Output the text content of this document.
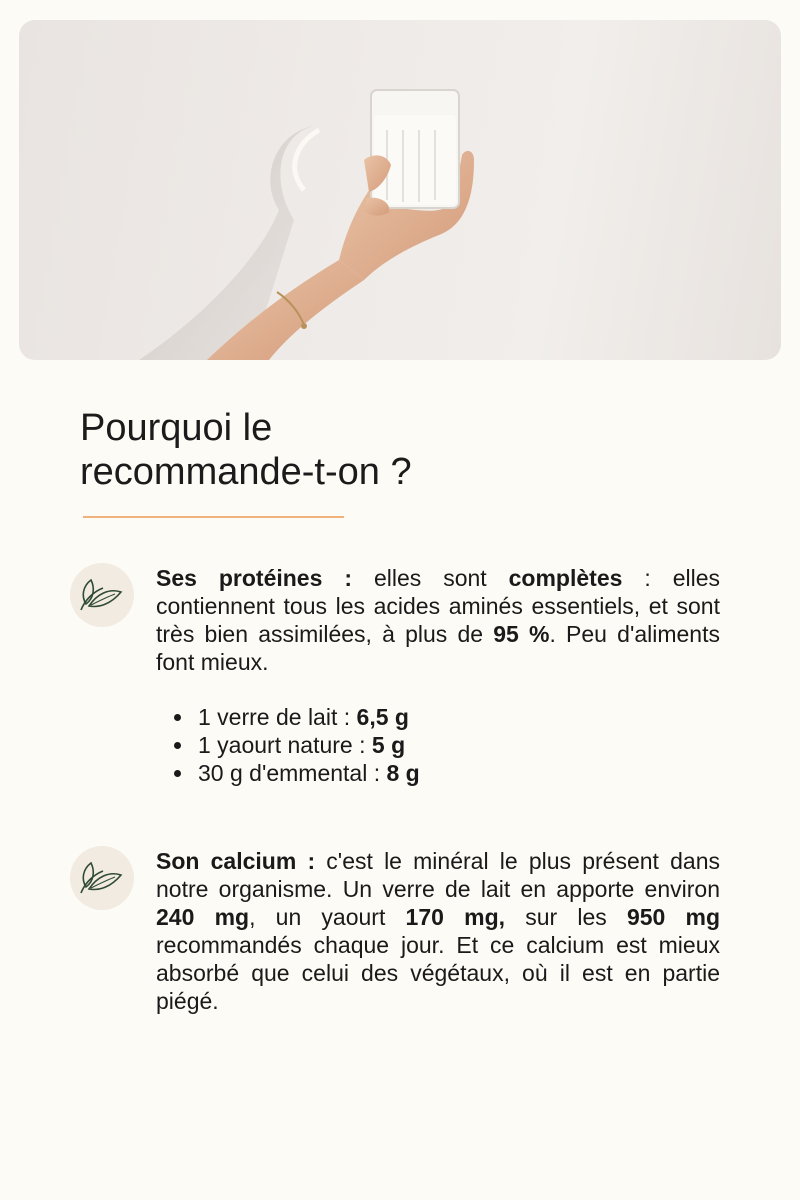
Pourquoi le
recommande-t-on ?

Ses protéines : elles sont complètes : elles contiennent tous les acides aminés essentiels, et sont très bien assimilées, à plus de 95 %. Peu d'aliments font mieux.

1 verre de lait : 6,5 g
1 yaourt nature : 5 g
30 g d'emmental : 8 g

Son calcium : c'est le minéral le plus présent dans notre organisme. Un verre de lait en apporte environ 240 mg, un yaourt 170 mg, sur les 950 mg recommandés chaque jour. Et ce calcium est mieux absorbé que celui des végétaux, où il est en partie piégé.
